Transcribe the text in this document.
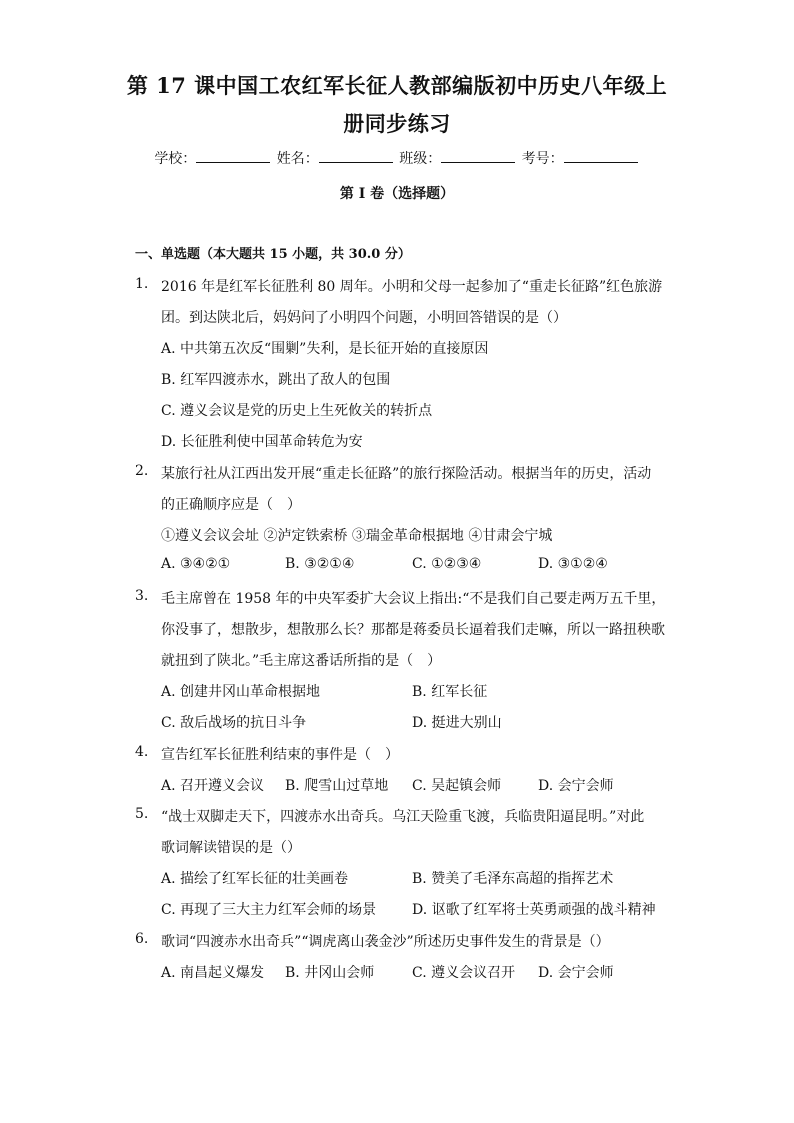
第 17 课中国工农红军长征人教部编版初中历史八年级上
册同步练习
学校：	姓名：	班级：	考号：
第 I 卷（选择题）
一、单选题（本大题共 15 小题，共 30.0 分）
1. 2016 年是红军长征胜利 80 周年。小明和父母一起参加了“重走长征路”红色旅游
团。到达陕北后，妈妈问了小明四个问题，小明回答错误的是（）
A. 中共第五次反“围剿”失利，是长征开始的直接原因
B. 红军四渡赤水，跳出了敌人的包围
C. 遵义会议是党的历史上生死攸关的转折点
D. 长征胜利使中国革命转危为安
2. 某旅行社从江西出发开展“重走长征路”的旅行探险活动。根据当年的历史，活动
的正确顺序应是（　）
①遵义会议会址 ②泸定铁索桥 ③瑞金革命根据地 ④甘肃会宁城
A. ③④②①	B. ③②①④	C. ①②③④	D. ③①②④
3. 毛主席曾在 1958 年的中央军委扩大会议上指出:“不是我们自己要走两万五千里，
你没事了，想散步，想散那么长？那都是蒋委员长逼着我们走嘛，所以一路扭秧歌
就扭到了陕北。”毛主席这番话所指的是（　）
A. 创建井冈山革命根据地	B. 红军长征
C. 敌后战场的抗日斗争	D. 挺进大别山
4. 宣告红军长征胜利结束的事件是（　）
A. 召开遵义会议 B. 爬雪山过草地 C. 吴起镇会师	D. 会宁会师
5. “战士双脚走天下，四渡赤水出奇兵。乌江天险重飞渡，兵临贵阳逼昆明。”对此
歌词解读错误的是（）
A. 描绘了红军长征的壮美画卷	B. 赞美了毛泽东高超的指挥艺术
C. 再现了三大主力红军会师的场景	D. 讴歌了红军将士英勇顽强的战斗精神
6. 歌词“四渡赤水出奇兵”“调虎离山袭金沙”所述历史事件发生的背景是（）
A. 南昌起义爆发 B. 井冈山会师	C. 遵义会议召开 D. 会宁会师
